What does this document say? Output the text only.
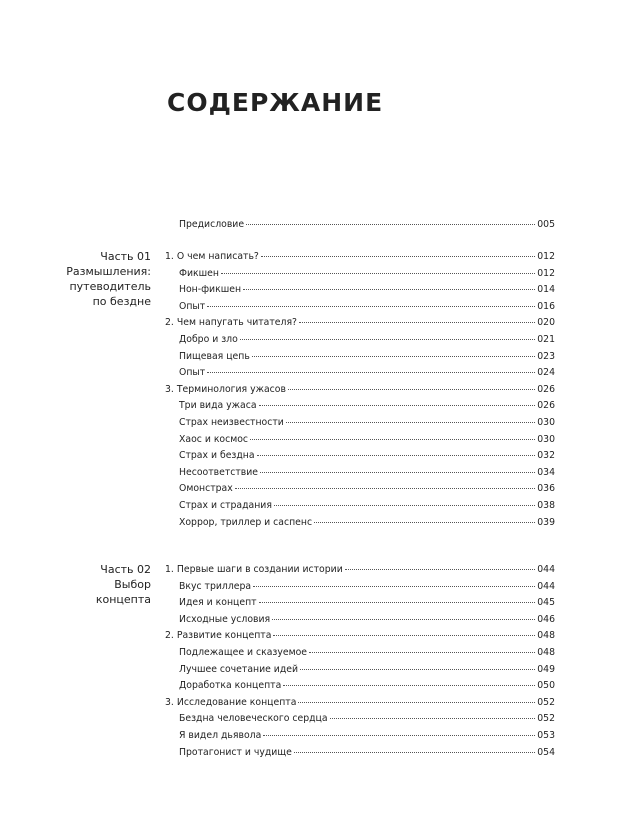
СОДЕРЖАНИЕ
Предисловие	005
Часть 01
Размышления:
путеводитель
по бездне
1. О чем написать?	012
Фикшен	012
Нон-фикшен	014
Опыт	016
2. Чем напугать читателя?	020
Добро и зло	021
Пищевая цепь	023
Опыт	024
3. Терминология ужасов	026
Три вида ужаса	026
Страх неизвестности	030
Хаос и космос	030
Страх и бездна	032
Несоответствие	034
Омонстрах	036
Страх и страдания	038
Хоррор, триллер и саспенс	039
Часть 02
Выбор
концепта
1. Первые шаги в создании истории	044
Вкус триллера	044
Идея и концепт	045
Исходные условия	046
2. Развитие концепта	048
Подлежащее и сказуемое	048
Лучшее сочетание идей	049
Доработка концепта	050
3. Исследование концепта	052
Бездна человеческого сердца	052
Я видел дьявола	053
Протагонист и чудище	054
